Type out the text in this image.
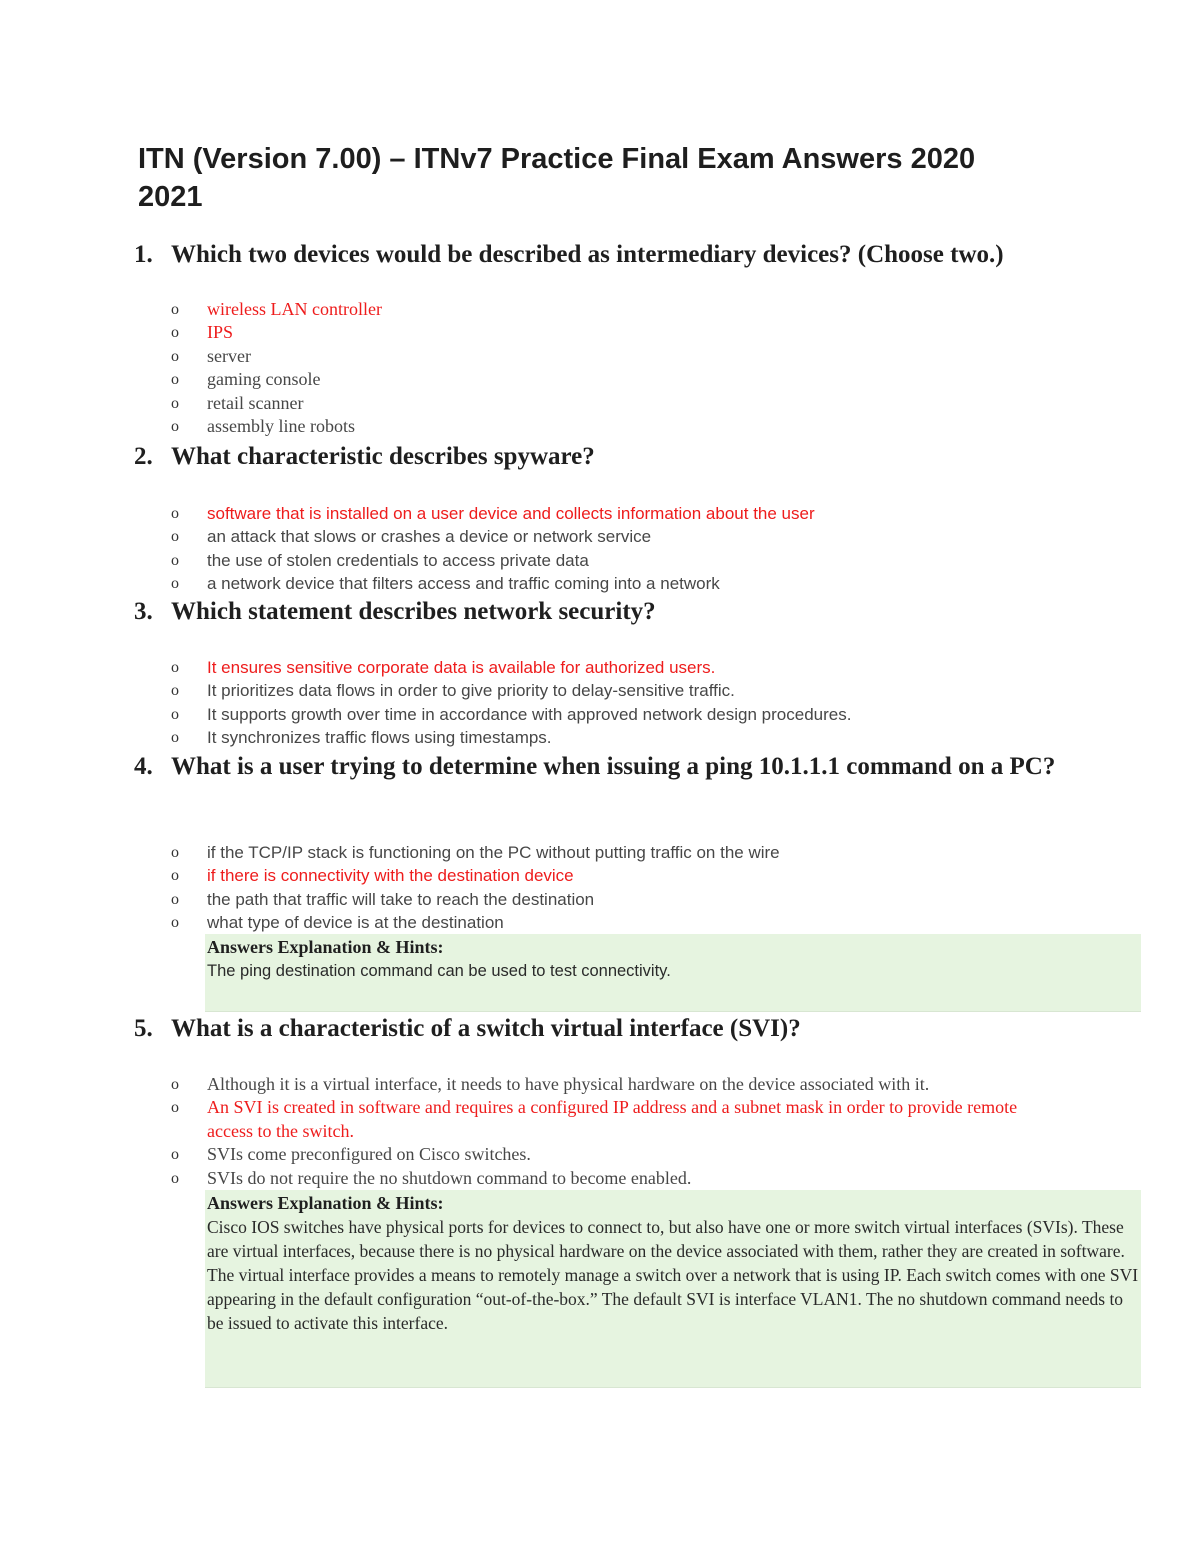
ITN (Version 7.00) – ITNv7 Practice Final Exam Answers 2020 2021
1. Which two devices would be described as intermediary devices? (Choose two.)
o wireless LAN controller
o IPS
o server
o gaming console
o retail scanner
o assembly line robots
2. What characteristic describes spyware?
o software that is installed on a user device and collects information about the user
o an attack that slows or crashes a device or network service
o the use of stolen credentials to access private data
o a network device that filters access and traffic coming into a network
3. Which statement describes network security?
o It ensures sensitive corporate data is available for authorized users.
o It prioritizes data flows in order to give priority to delay-sensitive traffic.
o It supports growth over time in accordance with approved network design procedures.
o It synchronizes traffic flows using timestamps.
4. What is a user trying to determine when issuing a ping 10.1.1.1 command on a PC?
o if the TCP/IP stack is functioning on the PC without putting traffic on the wire
o if there is connectivity with the destination device
o the path that traffic will take to reach the destination
o what type of device is at the destination
Answers Explanation & Hints:
The ping destination command can be used to test connectivity.
5. What is a characteristic of a switch virtual interface (SVI)?
o Although it is a virtual interface, it needs to have physical hardware on the device associated with it.
o An SVI is created in software and requires a configured IP address and a subnet mask in order to provide remote access to the switch.
o SVIs come preconfigured on Cisco switches.
o SVIs do not require the no shutdown command to become enabled.
Answers Explanation & Hints:
Cisco IOS switches have physical ports for devices to connect to, but also have one or more switch virtual interfaces (SVIs). These are virtual interfaces, because there is no physical hardware on the device associated with them, rather they are created in software. The virtual interface provides a means to remotely manage a switch over a network that is using IP. Each switch comes with one SVI appearing in the default configuration “out-of-the-box.” The default SVI is interface VLAN1. The no shutdown command needs to be issued to activate this interface.
